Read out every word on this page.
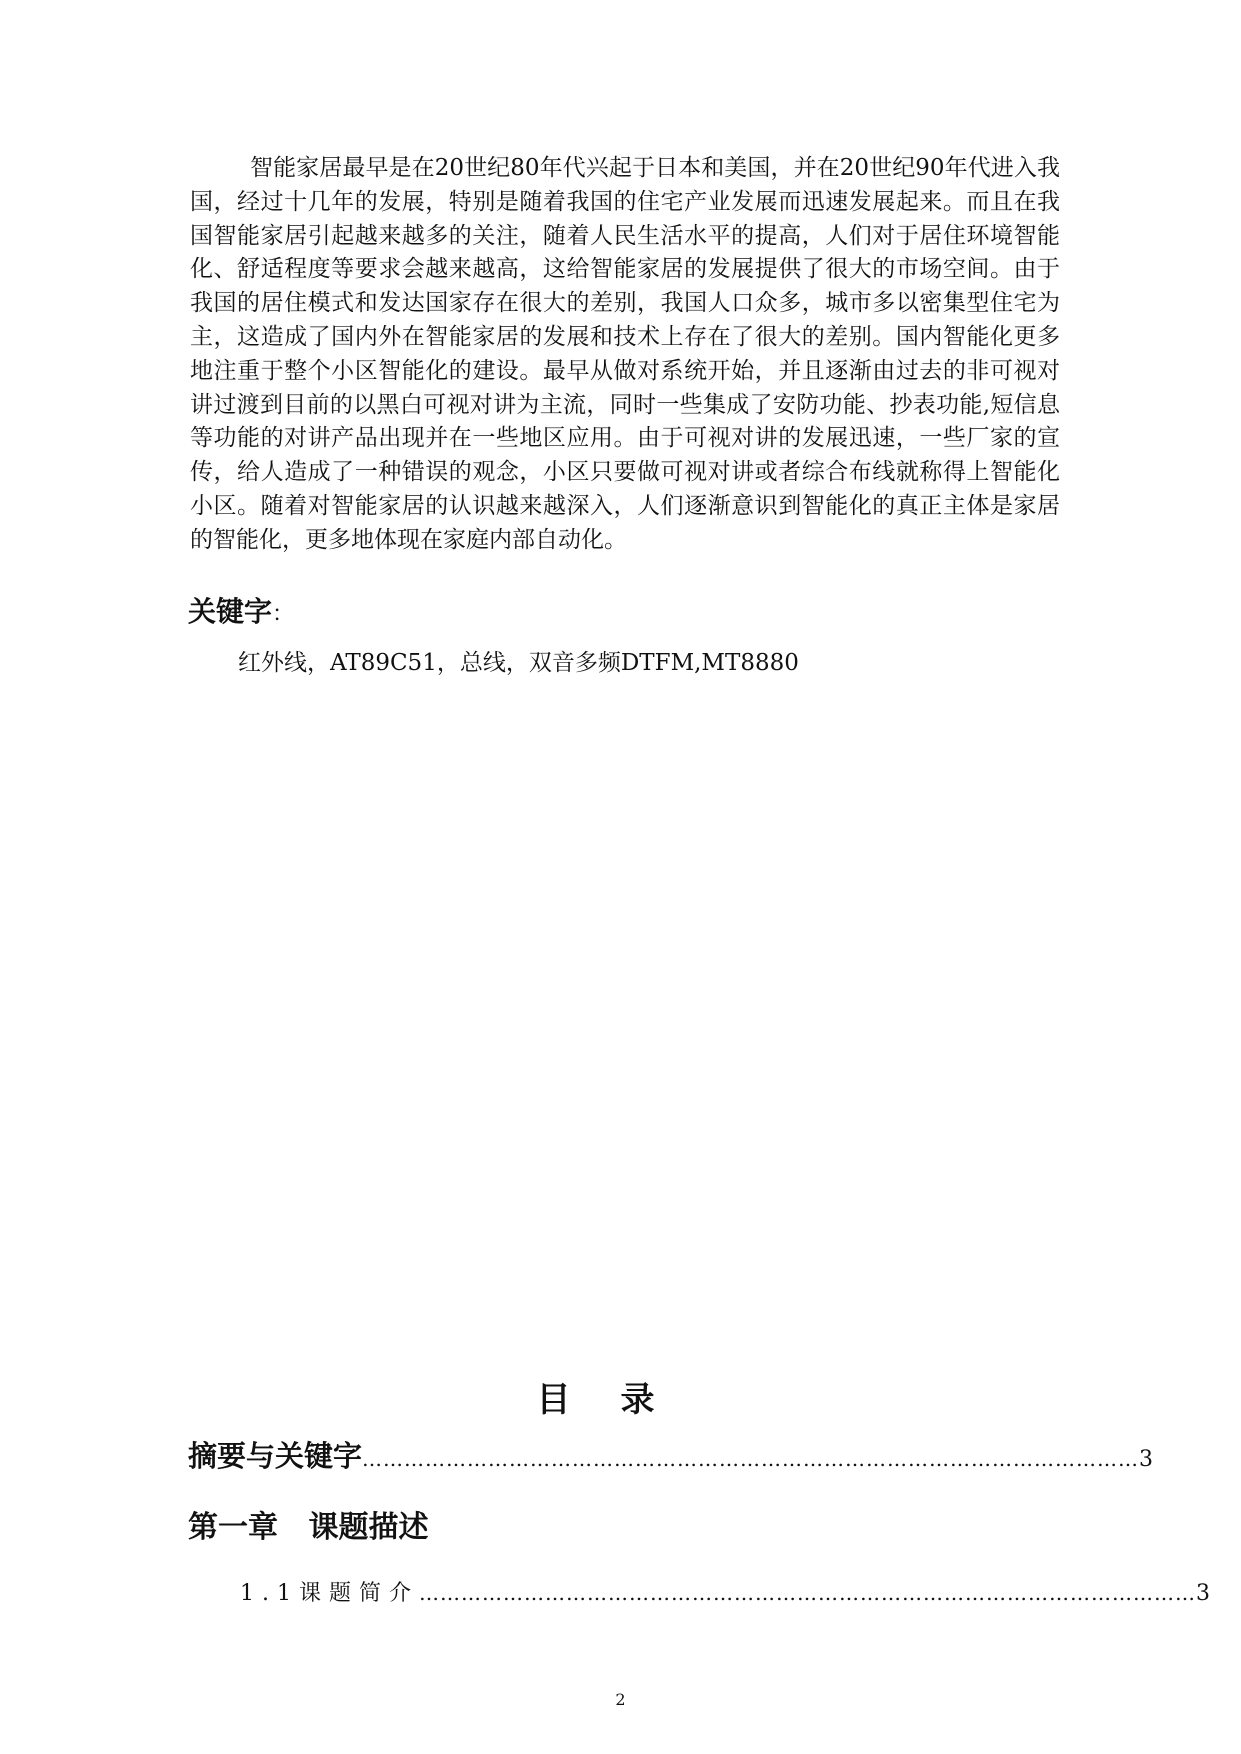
智能家居最早是在20世纪80年代兴起于日本和美国，并在20世纪90年代进入我国，经过十几年的发展，特别是随着我国的住宅产业发展而迅速发展起来。而且在我国智能家居引起越来越多的关注，随着人民生活水平的提高，人们对于居住环境智能化、舒适程度等要求会越来越高，这给智能家居的发展提供了很大的市场空间。由于我国的居住模式和发达国家存在很大的差别，我国人口众多，城市多以密集型住宅为主，这造成了国内外在智能家居的发展和技术上存在了很大的差别。国内智能化更多地注重于整个小区智能化的建设。最早从做对系统开始，并且逐渐由过去的非可视对讲过渡到目前的以黑白可视对讲为主流，同时一些集成了安防功能、抄表功能,短信息等功能的对讲产品出现并在一些地区应用。由于可视对讲的发展迅速，一些厂家的宣传，给人造成了一种错误的观念，小区只要做可视对讲或者综合布线就称得上智能化小区。随着对智能家居的认识越来越深入，人们逐渐意识到智能化的真正主体是家居的智能化，更多地体现在家庭内部自动化。

关键字：

红外线，AT89C51，总线，双音多频DTFM,MT8880

目录
摘要与关键字 ………………………………………………………………………………………………… 3
第一章 课题描述
1.1课题简介 ………………………………………………………………………………………………… 3

2
